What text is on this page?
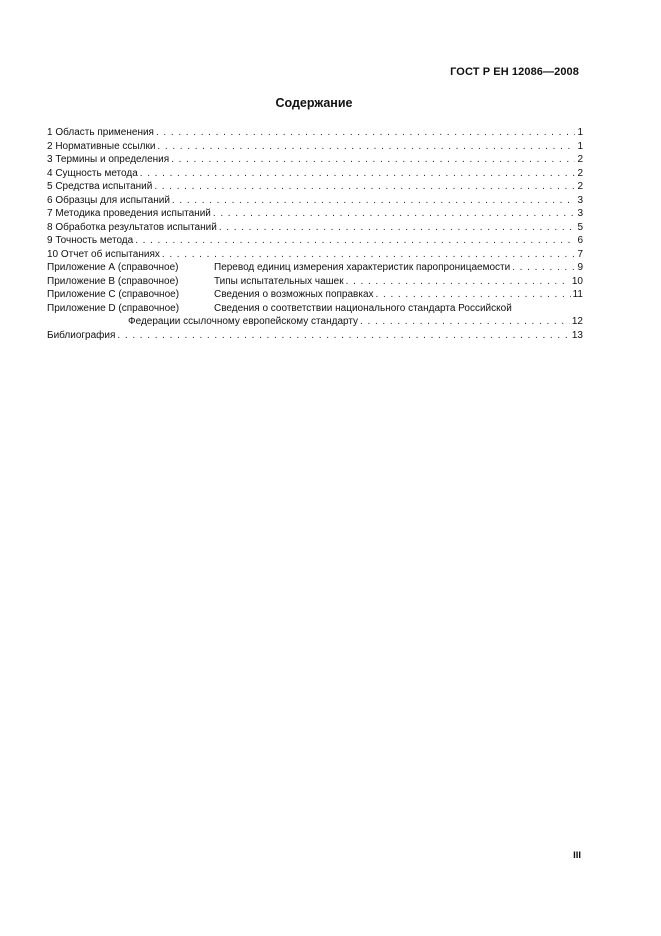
ГОСТ Р ЕН 12086—2008
Содержание
1 Область применения . . .	1
2 Нормативные ссылки . . .	1
3 Термины и определения . . .	2
4 Сущность метода . . .	2
5 Средства испытаний . . .	2
6 Образцы для испытаний . . .	3
7 Методика проведения испытаний . . .	3
8 Обработка результатов испытаний . . .	5
9 Точность метода . . .	6
10 Отчет об испытаниях . . .	7
Приложение А (справочное)	Перевод единиц измерения характеристик паропроницаемости . . .	9
Приложение В (справочное)	Типы испытательных чашек . . .	10
Приложение С (справочное)	Сведения о возможных поправках . . .	11
Приложение D (справочное)	Сведения о соответствии национального стандарта Российской
Федерации ссылочному европейскому стандарту . . .	12
Библиография . . .	13
III
